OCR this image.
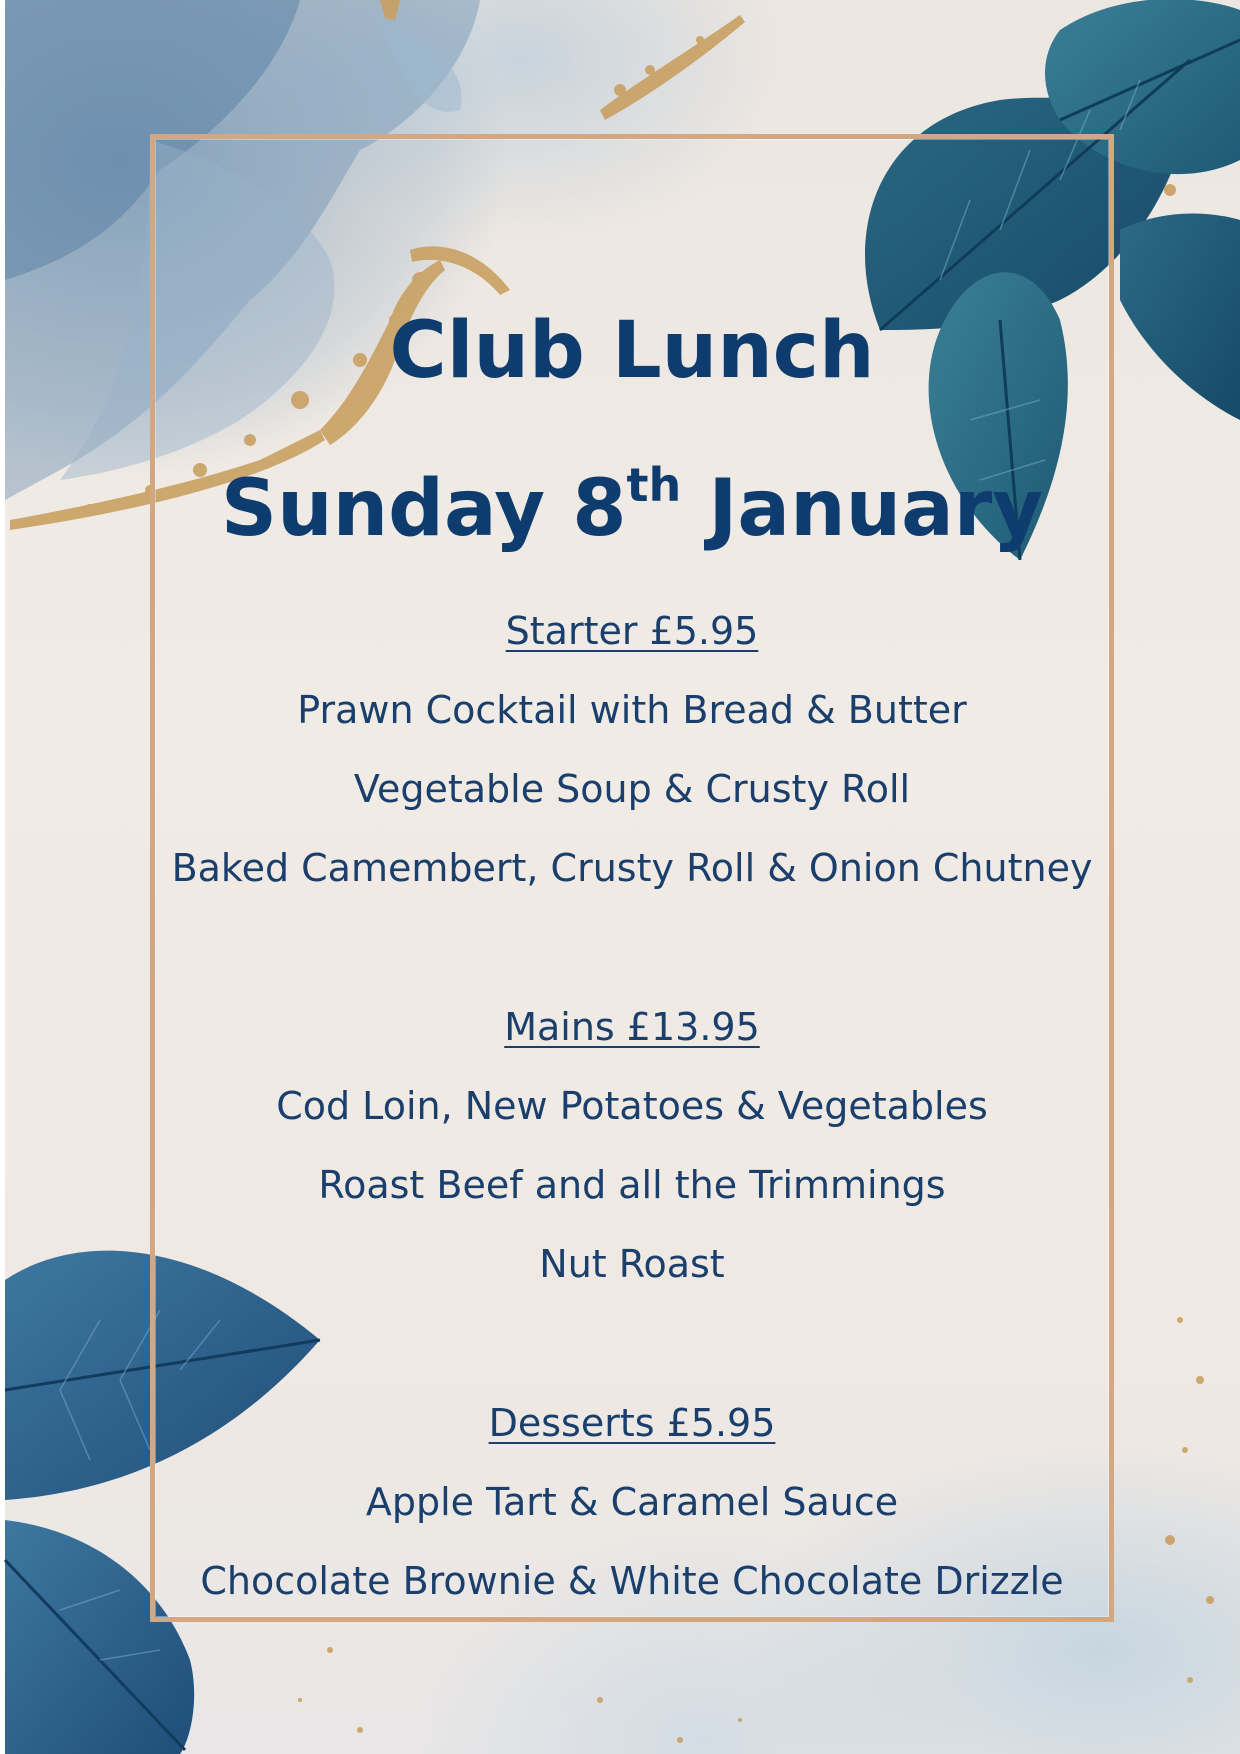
Club Lunch
Sunday 8th January
Starter £5.95
Prawn Cocktail with Bread & Butter
Vegetable Soup & Crusty Roll
Baked Camembert, Crusty Roll & Onion Chutney
Mains £13.95
Cod Loin, New Potatoes & Vegetables
Roast Beef and all the Trimmings
Nut Roast
Desserts £5.95
Apple Tart & Caramel Sauce
Chocolate Brownie & White Chocolate Drizzle
